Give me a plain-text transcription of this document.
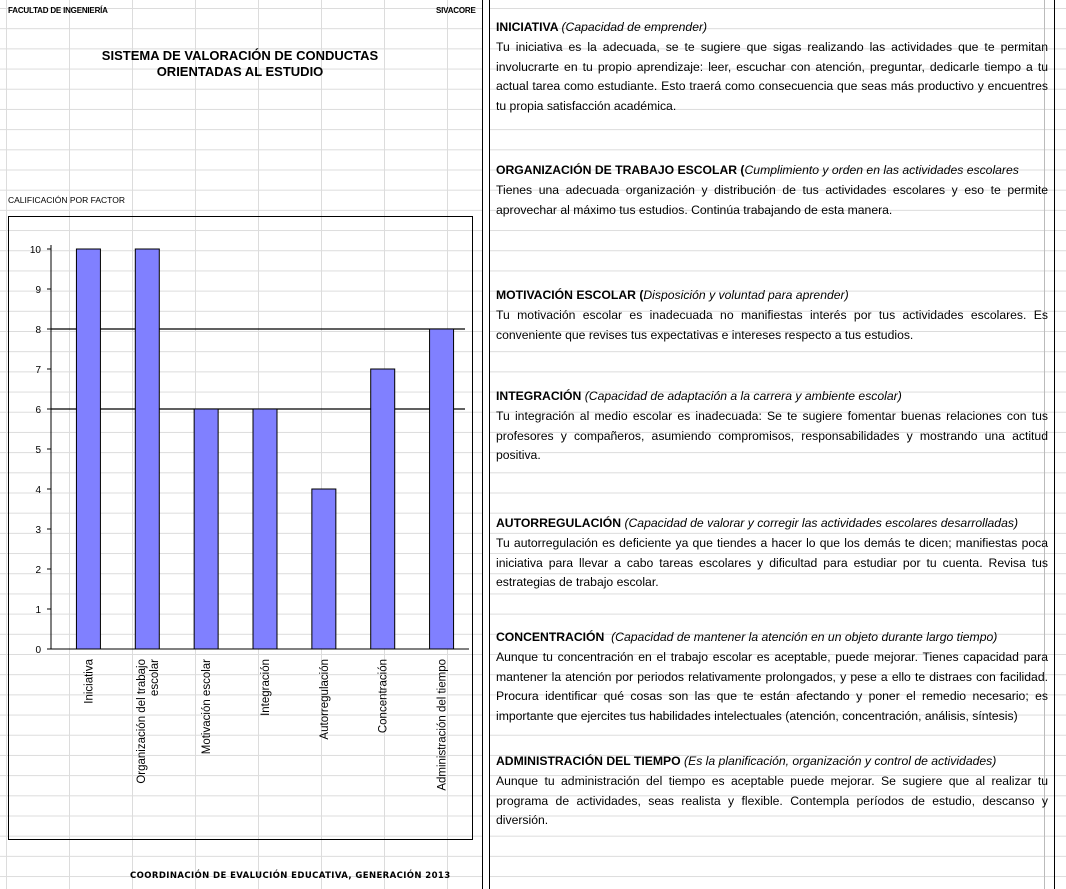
FACULTAD DE INGENIERÍA	SIVACORE
SISTEMA DE VALORACIÓN DE CONDUCTAS
ORIENTADAS AL ESTUDIO
CALIFICACIÓN POR FACTOR
0
1
2
3
4
5
6
7
8
9
10
Iniciativa	Organización del trabajo escolar	Motivación escolar	Integración	Autorregulación	Concentración	Administración del tiempo
COORDINACIÓN DE EVALUCIÓN EDUCATIVA, GENERACIÓN 2013
INICIATIVA (Capacidad de emprender)
Tu iniciativa es la adecuada, se te sugiere que sigas realizando las actividades que te permitan involucrarte en tu propio aprendizaje: leer, escuchar con atención, preguntar, dedicarle tiempo a tu actual tarea como estudiante. Esto traerá como consecuencia que seas más productivo y encuentres tu propia satisfacción académica.
ORGANIZACIÓN DE TRABAJO ESCOLAR (Cumplimiento y orden en las actividades escolares
Tienes una adecuada organización y distribución de tus actividades escolares y eso te permite aprovechar al máximo tus estudios. Continúa trabajando de esta manera.
MOTIVACIÓN ESCOLAR (Disposición y voluntad para aprender)
Tu motivación escolar es inadecuada no manifiestas interés por tus actividades escolares. Es conveniente que revises tus expectativas e intereses respecto a tus estudios.
INTEGRACIÓN (Capacidad de adaptación a la carrera y ambiente escolar)
Tu integración al medio escolar es inadecuada: Se te sugiere fomentar buenas relaciones con tus profesores y compañeros, asumiendo compromisos, responsabilidades y mostrando una actitud positiva.
AUTORREGULACIÓN (Capacidad de valorar y corregir las actividades escolares desarrolladas)
Tu autorregulación es deficiente ya que tiendes a hacer lo que los demás te dicen; manifiestas poca iniciativa para llevar a cabo tareas escolares y dificultad para estudiar por tu cuenta. Revisa tus estrategias de trabajo escolar.
CONCENTRACIÓN (Capacidad de mantener la atención en un objeto durante largo tiempo)
Aunque tu concentración en el trabajo escolar es aceptable, puede mejorar. Tienes capacidad para mantener la atención por periodos relativamente prolongados, y pese a ello te distraes con facilidad. Procura identificar qué cosas son las que te están afectando y poner el remedio necesario; es importante que ejercites tus habilidades intelectuales (atención, concentración, análisis, síntesis)
ADMINISTRACIÓN DEL TIEMPO (Es la planificación, organización y control de actividades)
Aunque tu administración del tiempo es aceptable puede mejorar. Se sugiere que al realizar tu programa de actividades, seas realista y flexible. Contempla períodos de estudio, descanso y diversión.
